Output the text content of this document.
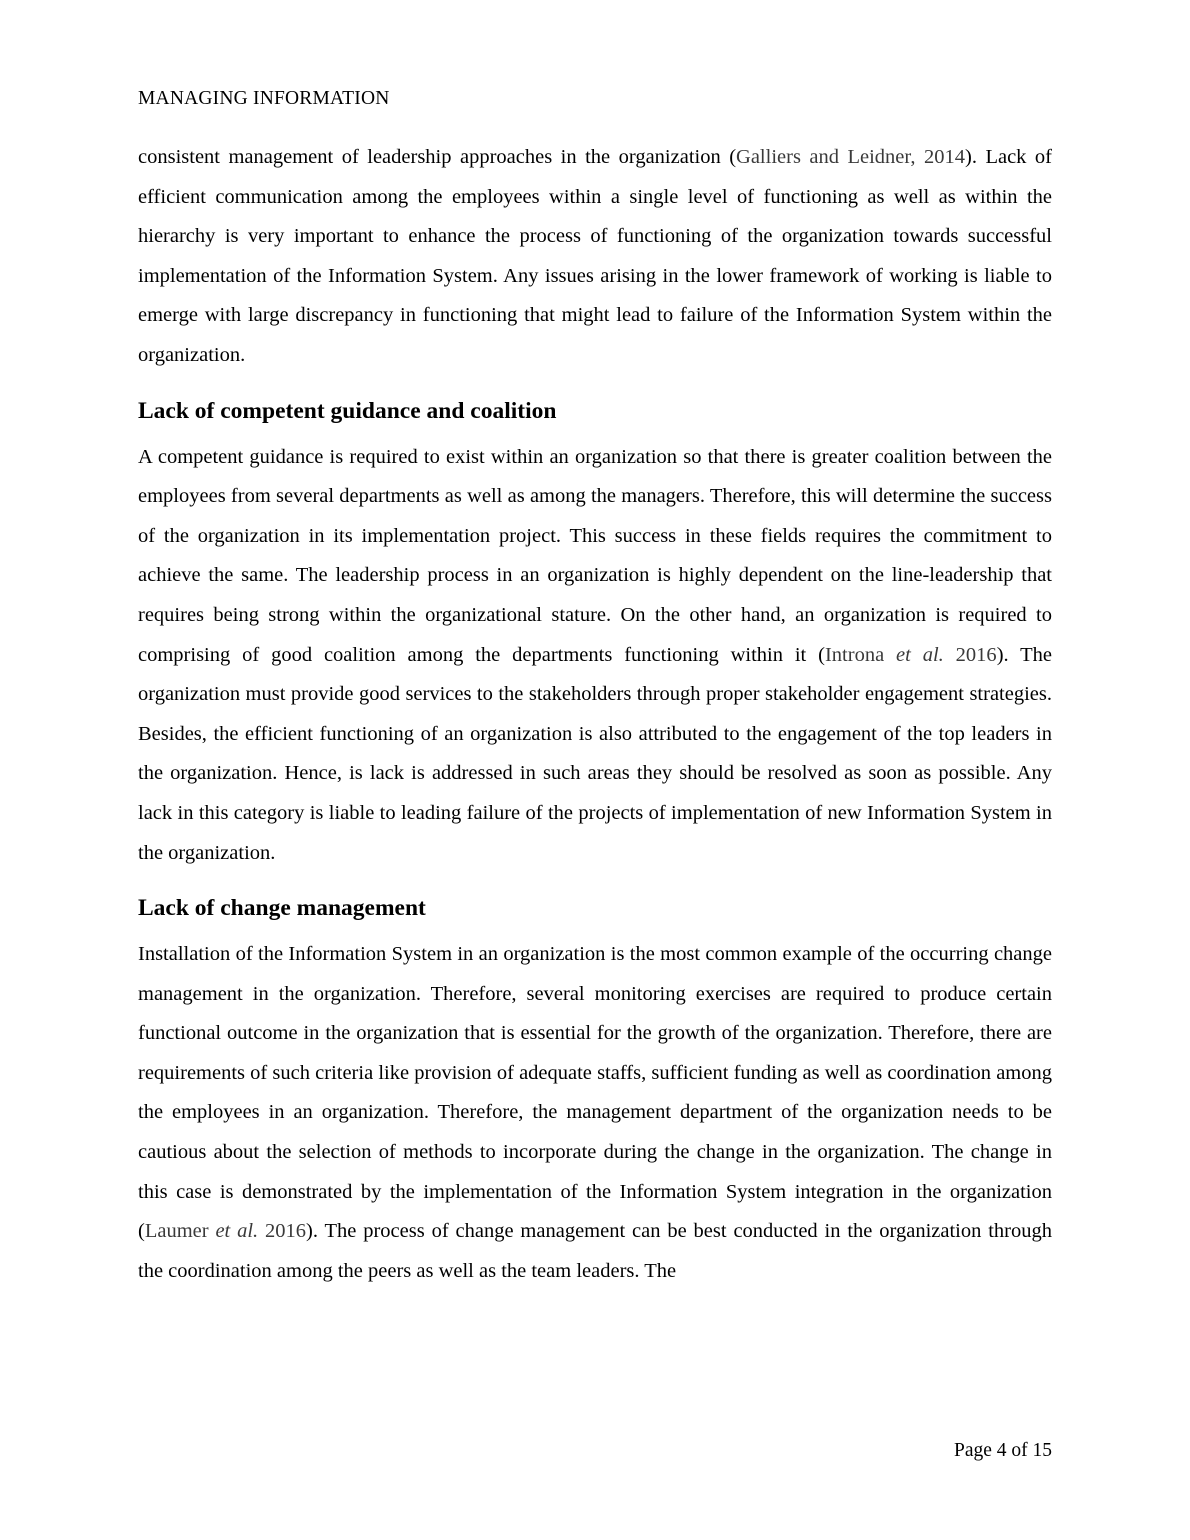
MANAGING INFORMATION

consistent management of leadership approaches in the organization (Galliers and Leidner, 2014). Lack of efficient communication among the employees within a single level of functioning as well as within the hierarchy is very important to enhance the process of functioning of the organization towards successful implementation of the Information System. Any issues arising in the lower framework of working is liable to emerge with large discrepancy in functioning that might lead to failure of the Information System within the organization.

Lack of competent guidance and coalition

A competent guidance is required to exist within an organization so that there is greater coalition between the employees from several departments as well as among the managers. Therefore, this will determine the success of the organization in its implementation project. This success in these fields requires the commitment to achieve the same. The leadership process in an organization is highly dependent on the line-leadership that requires being strong within the organizational stature. On the other hand, an organization is required to comprising of good coalition among the departments functioning within it (Introna et al. 2016). The organization must provide good services to the stakeholders through proper stakeholder engagement strategies. Besides, the efficient functioning of an organization is also attributed to the engagement of the top leaders in the organization. Hence, is lack is addressed in such areas they should be resolved as soon as possible. Any lack in this category is liable to leading failure of the projects of implementation of new Information System in the organization.

Lack of change management

Installation of the Information System in an organization is the most common example of the occurring change management in the organization. Therefore, several monitoring exercises are required to produce certain functional outcome in the organization that is essential for the growth of the organization. Therefore, there are requirements of such criteria like provision of adequate staffs, sufficient funding as well as coordination among the employees in an organization. Therefore, the management department of the organization needs to be cautious about the selection of methods to incorporate during the change in the organization. The change in this case is demonstrated by the implementation of the Information System integration in the organization (Laumer et al. 2016). The process of change management can be best conducted in the organization through the coordination among the peers as well as the team leaders. The

Page 4 of 15
